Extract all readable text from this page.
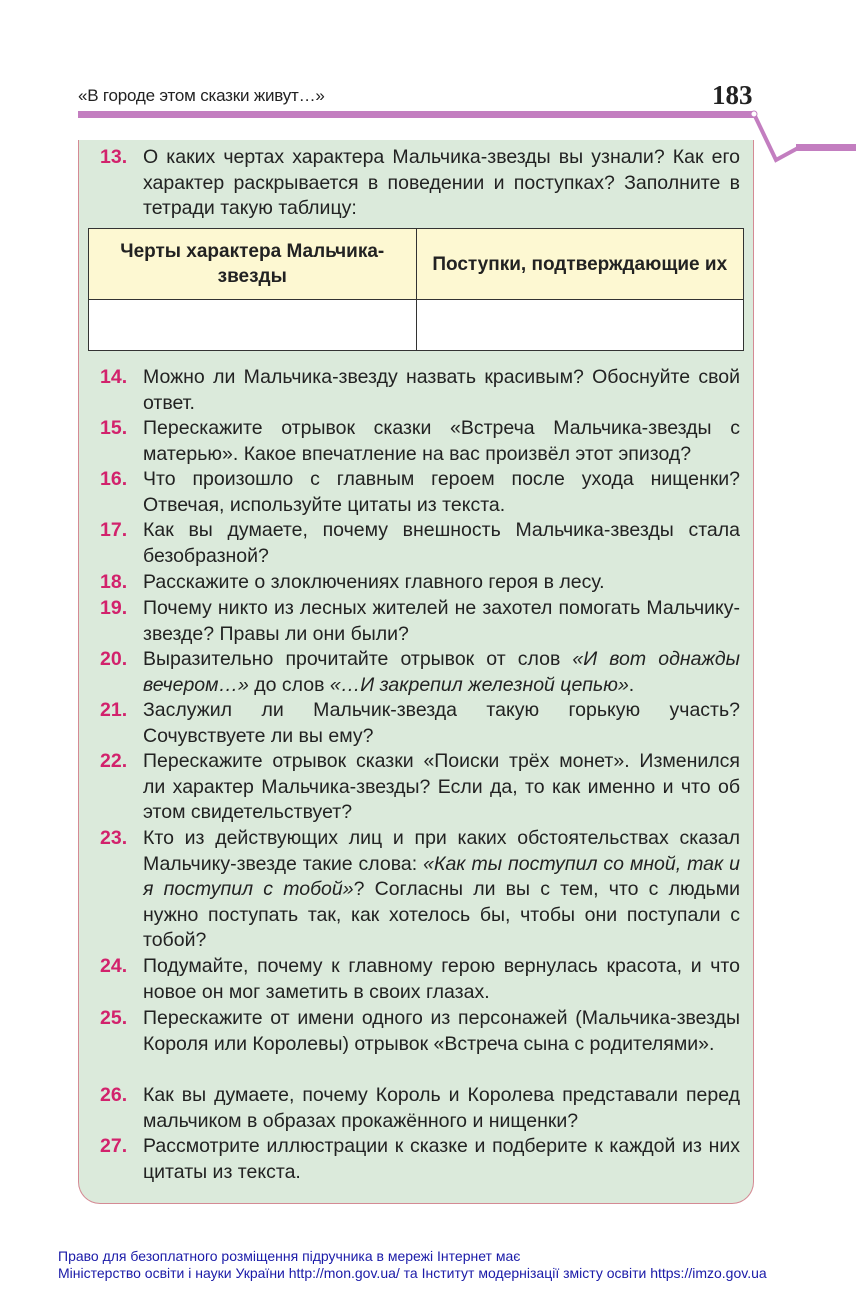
«В городе этом сказки живут…»	183
13. О каких чертах характера Мальчика-звезды вы узнали? Как его характер раскрывается в поведении и поступках? Заполните в тетради такую таблицу:
14. Можно ли Мальчика-звезду назвать красивым? Обоснуйте свой ответ.
15. Перескажите отрывок сказки «Встреча Мальчика-звезды с матерью». Какое впечатление на вас произвёл этот эпизод?
16. Что произошло с главным героем после ухода нищенки? Отвечая, используйте цитаты из текста.
17. Как вы думаете, почему внешность Мальчика-звезды стала безобразной?
18. Расскажите о злоключениях главного героя в лесу.
19. Почему никто из лесных жителей не захотел помогать Мальчику-звезде? Правы ли они были?
20. Выразительно прочитайте отрывок от слов «И вот однажды вечером…» до слов «…И закрепил железной цепью».
21. Заслужил ли Мальчик-звезда такую горькую участь? Сочувствуете ли вы ему?
22. Перескажите отрывок сказки «Поиски трёх монет». Изменился ли характер Мальчика-звезды? Если да, то как именно и что об этом свидетельствует?
23. Кто из действующих лиц и при каких обстоятельствах сказал Мальчику-звезде такие слова: «Как ты поступил со мной, так и я поступил с тобой»? Согласны ли вы с тем, что с людьми нужно поступать так, как хотелось бы, чтобы они поступали с тобой?
24. Подумайте, почему к главному герою вернулась красота, и что новое он мог заметить в своих глазах.
25. Перескажите от имени одного из персонажей (Мальчика-звезды Короля или Королевы) отрывок «Встреча сына с родителями».
26. Как вы думаете, почему Король и Королева представали перед мальчиком в образах прокажённого и нищенки?
27. Рассмотрите иллюстрации к сказке и подберите к каждой из них цитаты из текста.
Черты характера Мальчика-звезды	Поступки, подтверждающие их

Право для безоплатного розміщення підручника в мережі Інтернет має
Міністерство освіти і науки України http://mon.gov.ua/ та Інститут модернізації змісту освіти https://imzo.gov.ua
